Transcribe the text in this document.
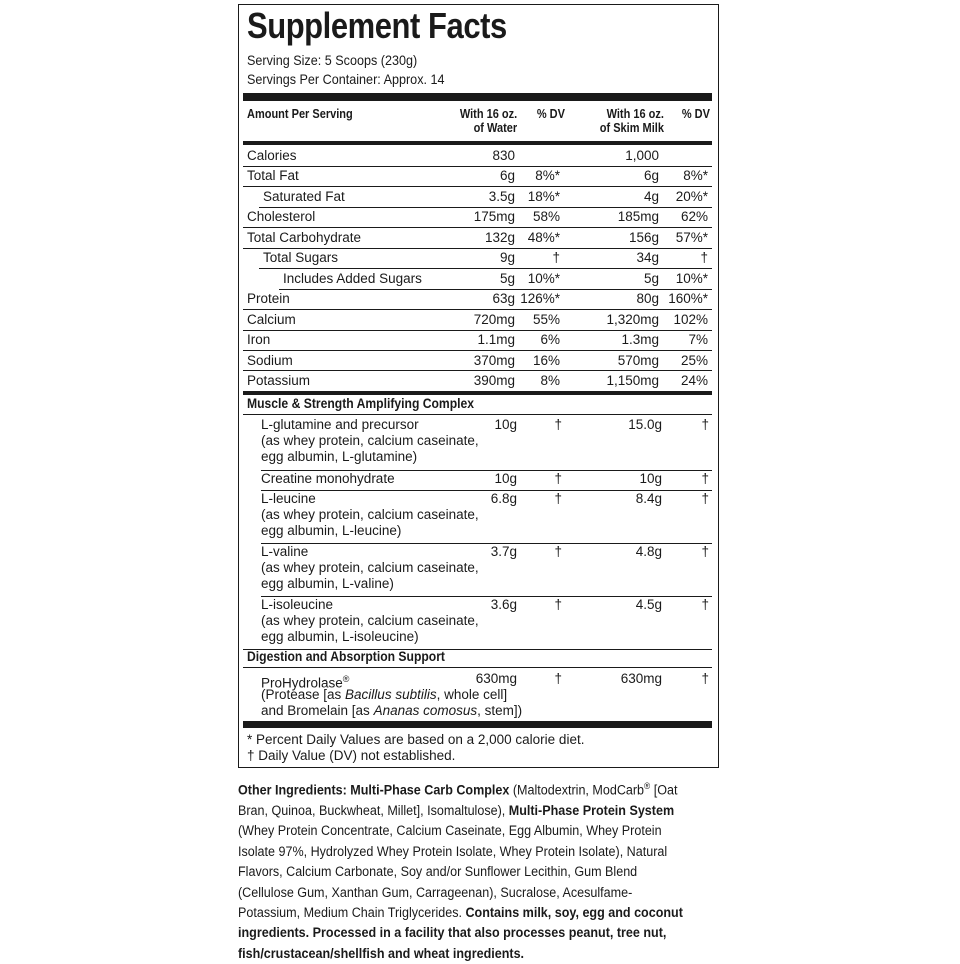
Supplement Facts
Serving Size: 5 Scoops (230g)
Servings Per Container: Approx. 14
Amount Per Serving	With 16 oz.
of Water
% DV	With 16 oz.
of Skim Milk
% DV
Calories	830	1,000
Total Fat	6g 8%*	6g 8%*
Saturated Fat	3.5g 18%*	4g 20%*
Cholesterol	175mg 58%	185mg 62%
Total Carbohydrate	132g 48%*	156g 57%*
Total Sugars	9g	†	34g	†
Includes Added Sugars	5g 10%*	5g 10%*
Protein	63g 126%*	80g 160%*
Calcium	720mg 55%	1,320mg 102%
Iron	1.1mg 6%	1.3mg 7%
Sodium	370mg 16%	570mg 25%
Potassium	390mg 8%	1,150mg 24%
Muscle & Strength Amplifying Complex
L-glutamine and precursor
(as whey protein, calcium caseinate,
egg albumin, L-glutamine)
10g	†	15.0g	†
Creatine monohydrate	10g	†	10g	†
L-leucine
(as whey protein, calcium caseinate,
egg albumin, L-leucine)
6.8g	†	8.4g	†
L-valine
(as whey protein, calcium caseinate,
egg albumin, L-valine)
3.7g	†	4.8g	†
L-isoleucine
(as whey protein, calcium caseinate,
egg albumin, L-isoleucine)
3.6g	†	4.5g	†
Digestion and Absorption Support
ProHydrolase®
(Protease [as Bacillus subtilis, whole cell]
and Bromelain [as Ananas comosus, stem])
630mg	†	630mg	†
* Percent Daily Values are based on a 2,000 calorie diet.
† Daily Value (DV) not established.
Other Ingredients: Multi-Phase Carb Complex (Maltodextrin, ModCarb® [Oat Bran, Quinoa, Buckwheat, Millet], Isomaltulose), Multi-Phase Protein System (Whey Protein Concentrate, Calcium Caseinate, Egg Albumin, Whey Protein Isolate 97%, Hydrolyzed Whey Protein Isolate, Whey Protein Isolate), Natural Flavors, Calcium Carbonate, Soy and/or Sunflower Lecithin, Gum Blend (Cellulose Gum, Xanthan Gum, Carrageenan), Sucralose, Acesulfame-Potassium, Medium Chain Triglycerides. Contains milk, soy, egg and coconut ingredients. Processed in a facility that also processes peanut, tree nut, fish/crustacean/shellfish and wheat ingredients.
